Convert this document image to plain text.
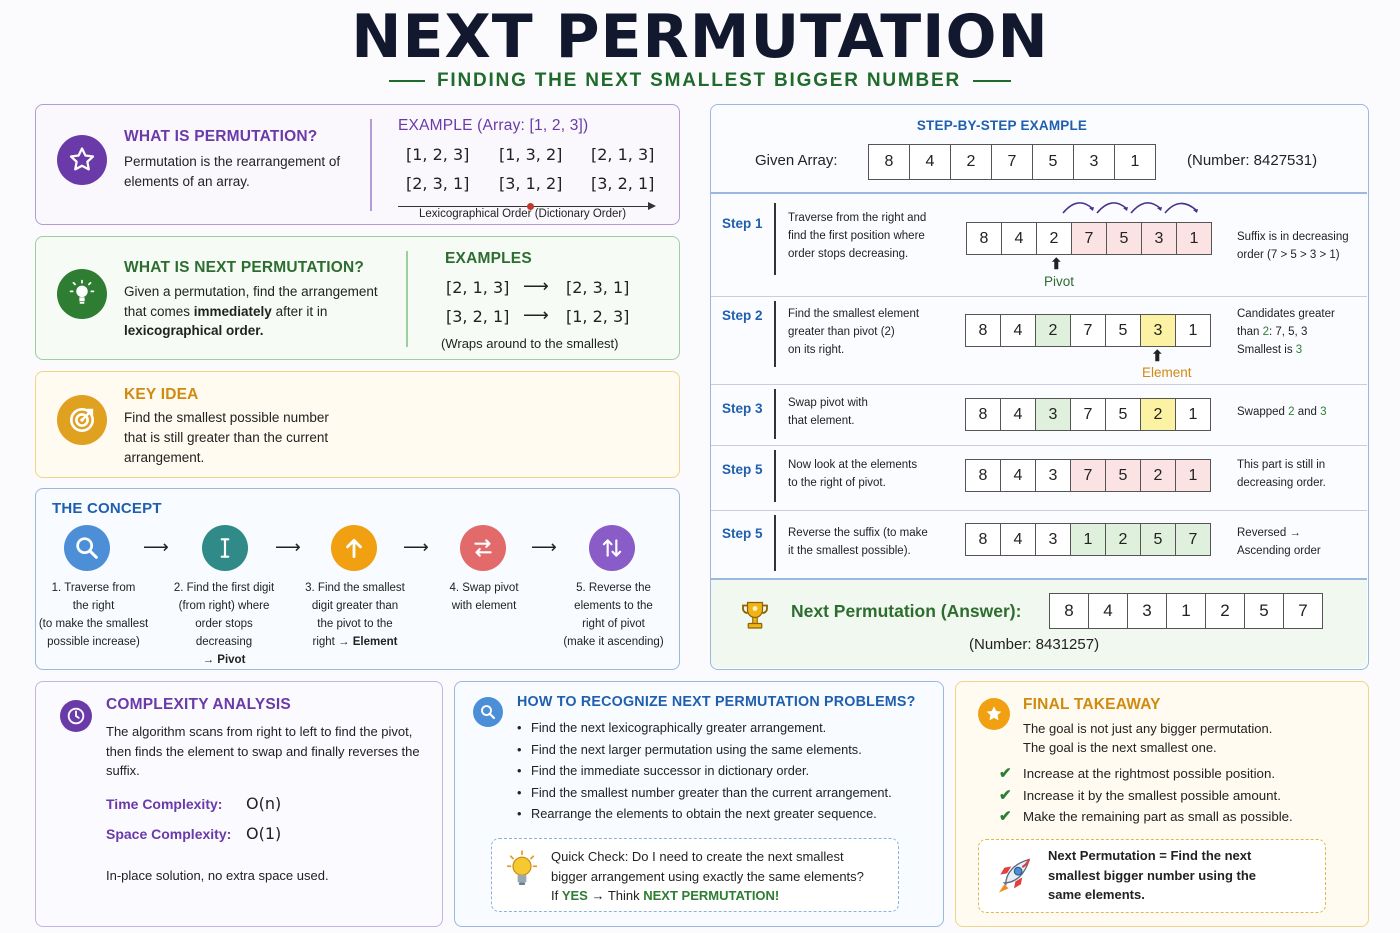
NEXT PERMUTATION
FINDING THE NEXT SMALLEST BIGGER NUMBER
WHAT IS PERMUTATION?
Permutation is the rearrangement of elements of an array.
EXAMPLE (Array: [1, 2, 3])
[1, 2, 3] [1, 3, 2] [2, 1, 3]
[2, 3, 1] [3, 1, 2] [3, 2, 1]
Lexicographical Order (Dictionary Order)
WHAT IS NEXT PERMUTATION?
Given a permutation, find the arrangement that comes immediately after it in lexicographical order.
EXAMPLES
[2, 1, 3] ⟶ [2, 3, 1]
[3, 2, 1] ⟶ [1, 2, 3]
(Wraps around to the smallest)
KEY IDEA
Find the smallest possible number that is still greater than the current arrangement.
THE CONCEPT
⟶	⟶	⟶	⟶
1. Traverse from
the right
(to make the smallest
possible increase)
2. Find the first digit
(from right) where
order stops
decreasing
→ Pivot
3. Find the smallest
digit greater than
the pivot to the
right → Element
4. Swap pivot
with element
5. Reverse the
elements to the
right of pivot
(make it ascending)
STEP-BY-STEP EXAMPLE
Given Array:	8	4	2	7	5	3	1	(Number: 8427531)
Step 1 Traverse from the right and
find the first position where
order stops decreasing.
8	4	2	7	5	3	1
⬆
Pivot
Suffix is in decreasing
order (7 > 5 > 3 > 1)
Step 2 Find the smallest element
greater than pivot (2)
on its right.
8	4	2	7	5	3	1
⬆
Element
Candidates greater
than 2: 7, 5, 3
Smallest is 3
Step 3 Swap pivot with
that element.	8	4	3	7	5	2	1	Swapped 2 and 3
Step 5 Now look at the elements
to the right of pivot.	8	4	3	7	5	2	1
This part is still in
decreasing order.
Step 5 Reverse the suffix (to make
it the smallest possible).
8	4	3	1	2	5	7	Reversed →
Ascending order
Next Permutation (Answer):	8	4	3	1	2	5	7
(Number: 8431257)
COMPLEXITY ANALYSIS
The algorithm scans from right to left to find the pivot, then finds the element to swap and finally reverses the suffix.
Time Complexity: O(n)
Space Complexity: O(1)
In-place solution, no extra space used.
HOW TO RECOGNIZE NEXT PERMUTATION PROBLEMS?
• Find the next lexicographically greater arrangement.
• Find the next larger permutation using the same elements.
• Find the immediate successor in dictionary order.
• Find the smallest number greater than the current arrangement.
• Rearrange the elements to obtain the next greater sequence.
Quick Check: Do I need to create the next smallest
bigger arrangement using exactly the same elements?
If YES → Think NEXT PERMUTATION!
FINAL TAKEAWAY
The goal is not just any bigger permutation.
The goal is the next smallest one.
✔ Increase at the rightmost possible position.
✔ Increase it by the smallest possible amount.
✔ Make the remaining part as small as possible.
Next Permutation = Find the next smallest bigger number using the same elements.
